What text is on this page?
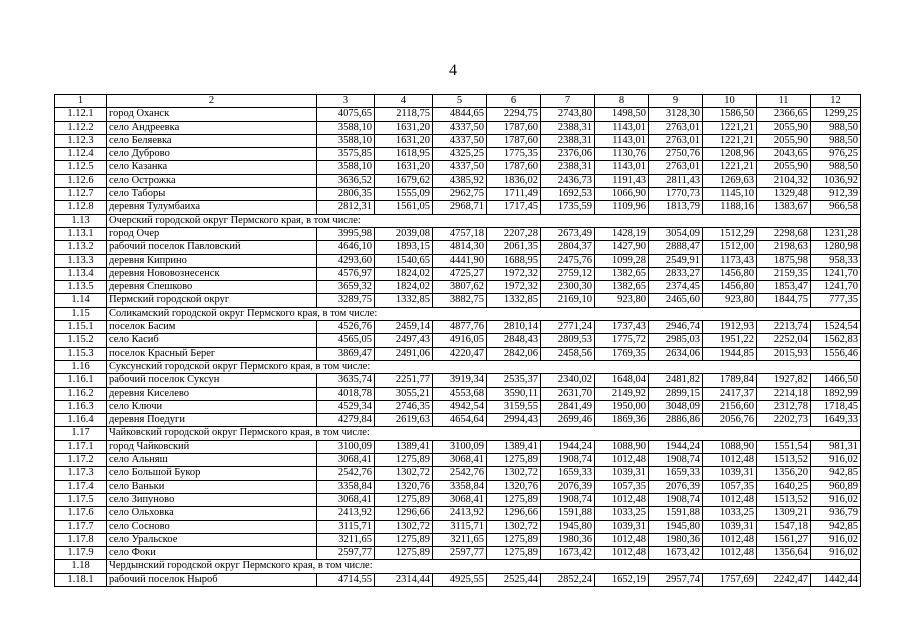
4
1	2	3	4	5	6	7	8	9	10	11	12
1.12.1	город Оханск	4075,65	2118,75	4844,65	2294,75	2743,80	1498,50	3128,30	1586,50	2366,65	1299,25
1.12.2	село Андреевка	3588,10	1631,20	4337,50	1787,60	2388,31	1143,01	2763,01	1221,21	2055,90	988,50
1.12.3	село Беляевка	3588,10	1631,20	4337,50	1787,60	2388,31	1143,01	2763,01	1221,21	2055,90	988,50
1.12.4	село Дуброво	3575,85	1618,95	4325,25	1775,35	2376,06	1130,76	2750,76	1208,96	2043,65	976,25
1.12.5	село Казанка	3588,10	1631,20	4337,50	1787,60	2388,31	1143,01	2763,01	1221,21	2055,90	988,50
1.12.6	село Острожка	3636,52	1679,62	4385,92	1836,02	2436,73	1191,43	2811,43	1269,63	2104,32	1036,92
1.12.7	село Таборы	2806,35	1555,09	2962,75	1711,49	1692,53	1066,90	1770,73	1145,10	1329,48	912,39
1.12.8	деревня Тулумбаиха	2812,31	1561,05	2968,71	1717,45	1735,59	1109,96	1813,79	1188,16	1383,67	966,58
1.13	Очерский городской округ Пермского края, в том числе:										
1.13.1	город Очер	3995,98	2039,08	4757,18	2207,28	2673,49	1428,19	3054,09	1512,29	2298,68	1231,28
1.13.2	рабочий поселок Павловский	4646,10	1893,15	4814,30	2061,35	2804,37	1427,90	2888,47	1512,00	2198,63	1280,98
1.13.3	деревня Киприно	4293,60	1540,65	4441,90	1688,95	2475,76	1099,28	2549,91	1173,43	1875,98	958,33
1.13.4	деревня Нововознесенск	4576,97	1824,02	4725,27	1972,32	2759,12	1382,65	2833,27	1456,80	2159,35	1241,70
1.13.5	деревня Спешково	3659,32	1824,02	3807,62	1972,32	2300,30	1382,65	2374,45	1456,80	1853,47	1241,70
1.14	Пермский городской округ	3289,75	1332,85	3882,75	1332,85	2169,10	923,80	2465,60	923,80	1844,75	777,35
1.15	Соликамский городской округ Пермского края, в том числе:										
1.15.1	поселок Басим	4526,76	2459,14	4877,76	2810,14	2771,24	1737,43	2946,74	1912,93	2213,74	1524,54
1.15.2	село Касиб	4565,05	2497,43	4916,05	2848,43	2809,53	1775,72	2985,03	1951,22	2252,04	1562,83
1.15.3	поселок Красный Берег	3869,47	2491,06	4220,47	2842,06	2458,56	1769,35	2634,06	1944,85	2015,93	1556,46
1.16	Суксунский городской округ Пермского края, в том числе:										
1.16.1	рабочий поселок Суксун	3635,74	2251,77	3919,34	2535,37	2340,02	1648,04	2481,82	1789,84	1927,82	1466,50
1.16.2	деревня Киселево	4018,78	3055,21	4553,68	3590,11	2631,70	2149,92	2899,15	2417,37	2214,18	1892,99
1.16.3	село Ключи	4529,34	2746,35	4942,54	3159,55	2841,49	1950,00	3048,09	2156,60	2312,78	1718,45
1.16.4	деревня Поедуги	4279,84	2619,63	4654,64	2994,43	2699,46	1869,36	2886,86	2056,76	2202,73	1649,33
1.17	Чайковский городской округ Пермского края, в том числе:										
1.17.1	город Чайковский	3100,09	1389,41	3100,09	1389,41	1944,24	1088,90	1944,24	1088,90	1551,54	981,31
1.17.2	село Альняш	3068,41	1275,89	3068,41	1275,89	1908,74	1012,48	1908,74	1012,48	1513,52	916,02
1.17.3	село Большой Букор	2542,76	1302,72	2542,76	1302,72	1659,33	1039,31	1659,33	1039,31	1356,20	942,85
1.17.4	село Ваньки	3358,84	1320,76	3358,84	1320,76	2076,39	1057,35	2076,39	1057,35	1640,25	960,89
1.17.5	село Зипуново	3068,41	1275,89	3068,41	1275,89	1908,74	1012,48	1908,74	1012,48	1513,52	916,02
1.17.6	село Ольховка	2413,92	1296,66	2413,92	1296,66	1591,88	1033,25	1591,88	1033,25	1309,21	936,79
1.17.7	село Сосново	3115,71	1302,72	3115,71	1302,72	1945,80	1039,31	1945,80	1039,31	1547,18	942,85
1.17.8	село Уральское	3211,65	1275,89	3211,65	1275,89	1980,36	1012,48	1980,36	1012,48	1561,27	916,02
1.17.9	село Фоки	2597,77	1275,89	2597,77	1275,89	1673,42	1012,48	1673,42	1012,48	1356,64	916,02
1.18	Чердынский городской округ Пермского края, в том числе:										
1.18.1	рабочий поселок Ныроб	4714,55	2314,44	4925,55	2525,44	2852,24	1652,19	2957,74	1757,69	2242,47	1442,44
